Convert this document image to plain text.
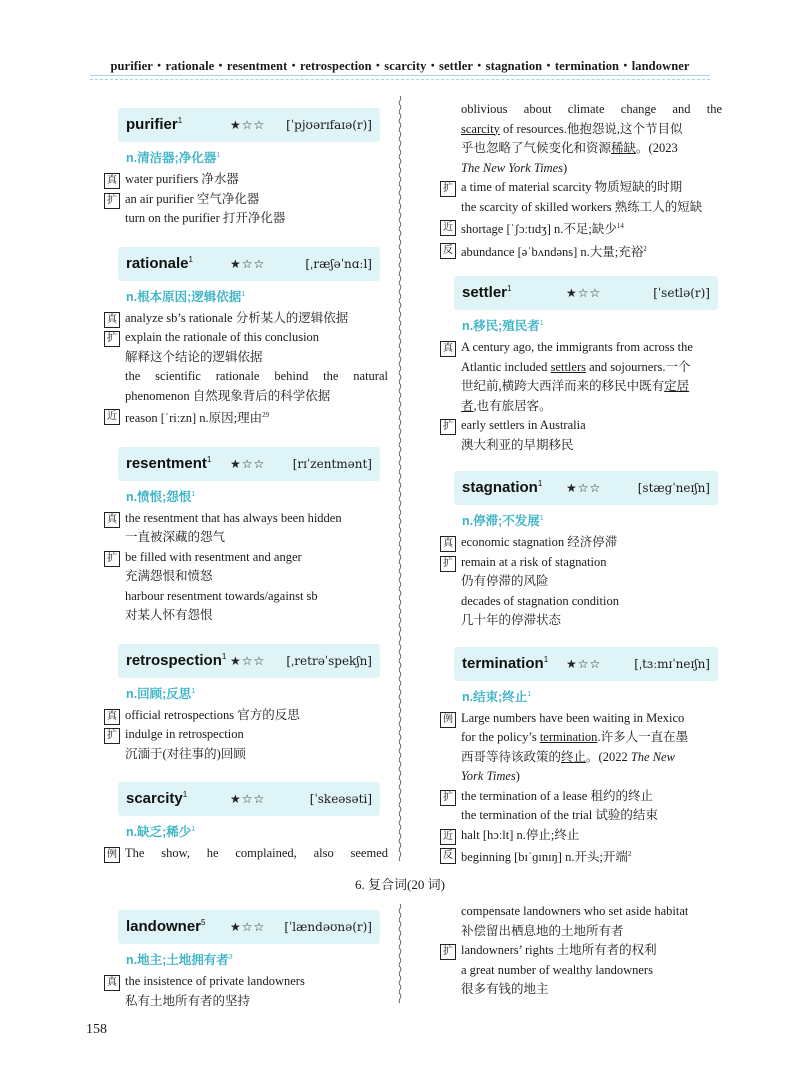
purifier・rationale・resentment・retrospection・scarcity・settler・stagnation・termination・landowner
purifier$^1$	★☆☆ [ˈpjʊərɪfaɪə(r)]
n.清洁器;净化器$^1$
真 water purifiers 净水器
扩 an air purifier 空气净化器
turn on the purifier 打开净化器
rationale$^1$	★☆☆	[ˌræʃəˈnɑːl]
n.根本原因;逻辑依据$^1$
真 analyze sb’s rationale 分析某人的逻辑依据
扩 explain the rationale of this conclusion
解释这个结论的逻辑依据
the scientific rationale behind the natural
phenomenon 自然现象背后的科学依据
近 reason [ˈriːzn] n.原因;理由$^{29}$
resentment$^1$ ★☆☆ [rɪˈzentmənt]
n.愤恨;怨恨$^1$
真 the resentment that has always been hidden
一直被深藏的怨气
扩 be filled with resentment and anger
充满怨恨和愤怒
harbour resentment towards/against sb
对某人怀有怨恨
retrospection$^1$ ★☆☆ [ˌretrəˈspekʃn]
n.回顾;反思$^1$
真 official retrospections 官方的反思
扩 indulge in retrospection
沉湎于(对往事的)回顾
scarcity$^1$	★☆☆	[ˈskeəsəti]
n.缺乏;稀少$^1$
例 The show, he complained, also seemed
oblivious about climate change and the
scarcity of resources.他抱怨说,这个节目似
乎也忽略了气候变化和资源稀缺。(2023
The New York Times)
扩 a time of material scarcity 物质短缺的时期
the scarcity of skilled workers 熟练工人的短缺
近 shortage [ˈʃɔːtɪdʒ] n.不足;缺少$^{14}$
反 abundance [əˈbʌndəns] n.大量;充裕$^2$
settler$^1$	★☆☆	[ˈsetlə(r)]
n.移民;殖民者$^1$
真 A century ago, the immigrants from across the
Atlantic included settlers and sojourners.一个
世纪前,横跨大西洋而来的移民中既有定居
者,也有旅居客。
扩 early settlers in Australia
澳大利亚的早期移民
stagnation$^1$ ★☆☆	[stægˈneɪʃn]
n.停滞;不发展$^1$
真 economic stagnation 经济停滞
扩 remain at a risk of stagnation
仍有停滞的风险
decades of stagnation condition
几十年的停滞状态
termination$^1$ ★☆☆	[ˌtɜːmɪˈneɪʃn]
n.结束;终止$^1$
例 Large numbers have been waiting in Mexico
for the policy’s termination.许多人一直在墨
西哥等待该政策的终止。(2022 The New
York Times)
扩 the termination of a lease 租约的终止
the termination of the trial 试验的结束
近 halt [hɔːlt] n.停止;终止
反 beginning [bɪˈɡɪnɪŋ] n.开头;开端$^2$
6. 复合词(20 词)
landowner$^5$ ★☆☆ [ˈlændəʊnə(r)]
n.地主;土地拥有者$^3$
真 the insistence of private landowners
私有土地所有者的坚持
compensate landowners who set aside habitat
补偿留出栖息地的土地所有者
扩 landowners’ rights 土地所有者的权利
a great number of wealthy landowners
很多有钱的地主
158
